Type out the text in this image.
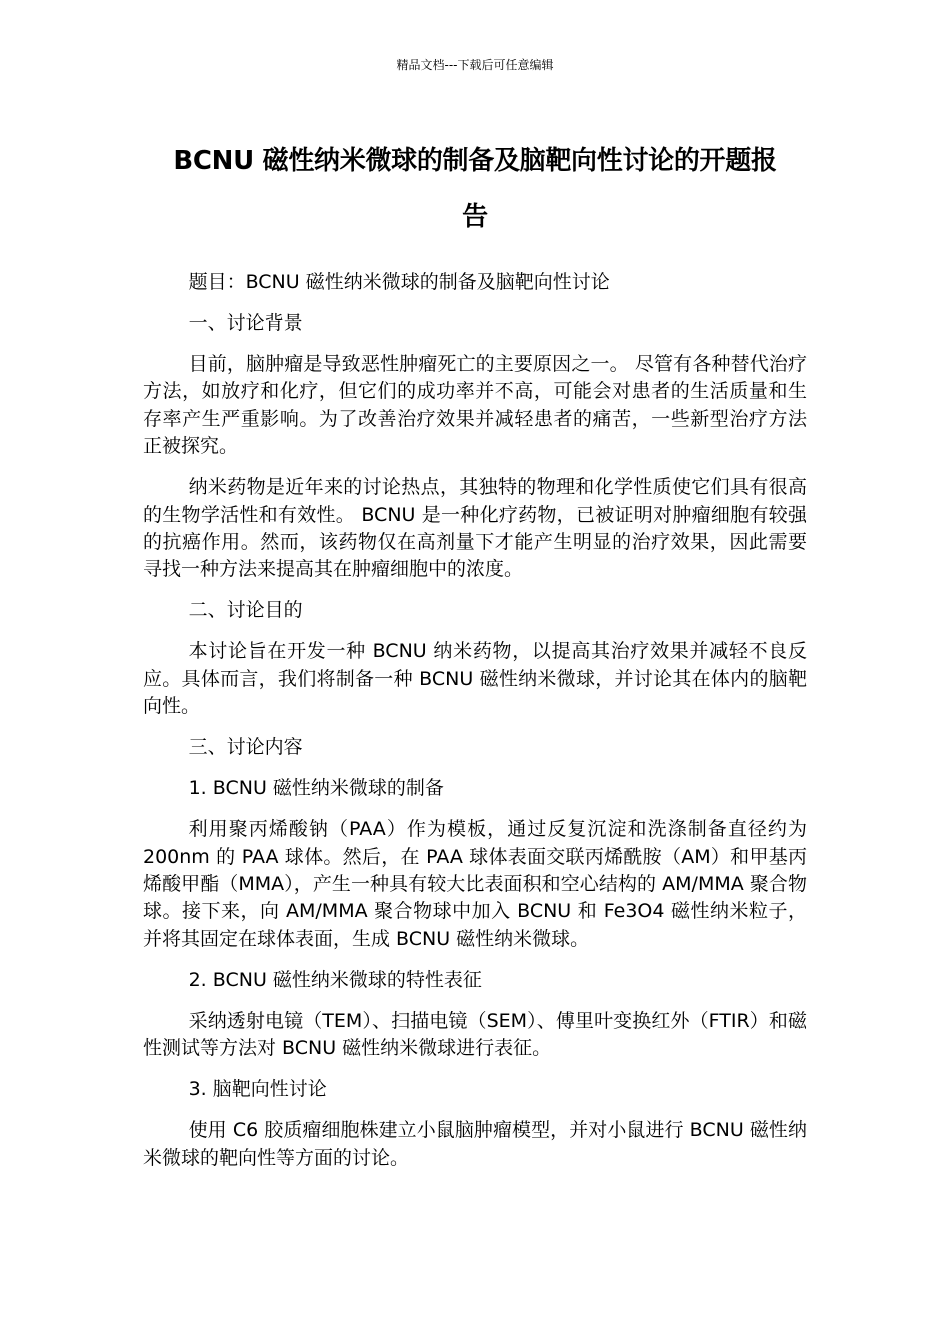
精品文档---下载后可任意编辑
BCNU 磁性纳米微球的制备及脑靶向性讨论的开题报
告

题目：BCNU 磁性纳米微球的制备及脑靶向性讨论

一、讨论背景

目前，脑肿瘤是导致恶性肿瘤死亡的主要原因之一。 尽管有各种替代治疗方法，如放疗和化疗，但它们的成功率并不高，可能会对患者的生活质量和生存率产生严重影响。为了改善治疗效果并减轻患者的痛苦，一些新型治疗方法正被探究。

纳米药物是近年来的讨论热点，其独特的物理和化学性质使它们具有很高的生物学活性和有效性。 BCNU 是一种化疗药物，已被证明对肿瘤细胞有较强的抗癌作用。然而，该药物仅在高剂量下才能产生明显的治疗效果，因此需要寻找一种方法来提高其在肿瘤细胞中的浓度。

二、讨论目的

本讨论旨在开发一种 BCNU 纳米药物，以提高其治疗效果并减轻不良反应。具体而言，我们将制备一种 BCNU 磁性纳米微球，并讨论其在体内的脑靶向性。

三、讨论内容

1. BCNU 磁性纳米微球的制备

利用聚丙烯酸钠（PAA）作为模板，通过反复沉淀和洗涤制备直径约为 200nm 的 PAA 球体。然后，在 PAA 球体表面交联丙烯酰胺（AM）和甲基丙烯酸甲酯（MMA），产生一种具有较大比表面积和空心结构的 AM/MMA 聚合物球。接下来，向 AM/MMA 聚合物球中加入 BCNU 和 Fe3O4 磁性纳米粒子，并将其固定在球体表面，生成 BCNU 磁性纳米微球。

2. BCNU 磁性纳米微球的特性表征

采纳透射电镜（TEM）、扫描电镜（SEM）、傅里叶变换红外（FTIR）和磁性测试等方法对 BCNU 磁性纳米微球进行表征。

3. 脑靶向性讨论

使用 C6 胶质瘤细胞株建立小鼠脑肿瘤模型，并对小鼠进行 BCNU 磁性纳米微球的靶向性等方面的讨论。
